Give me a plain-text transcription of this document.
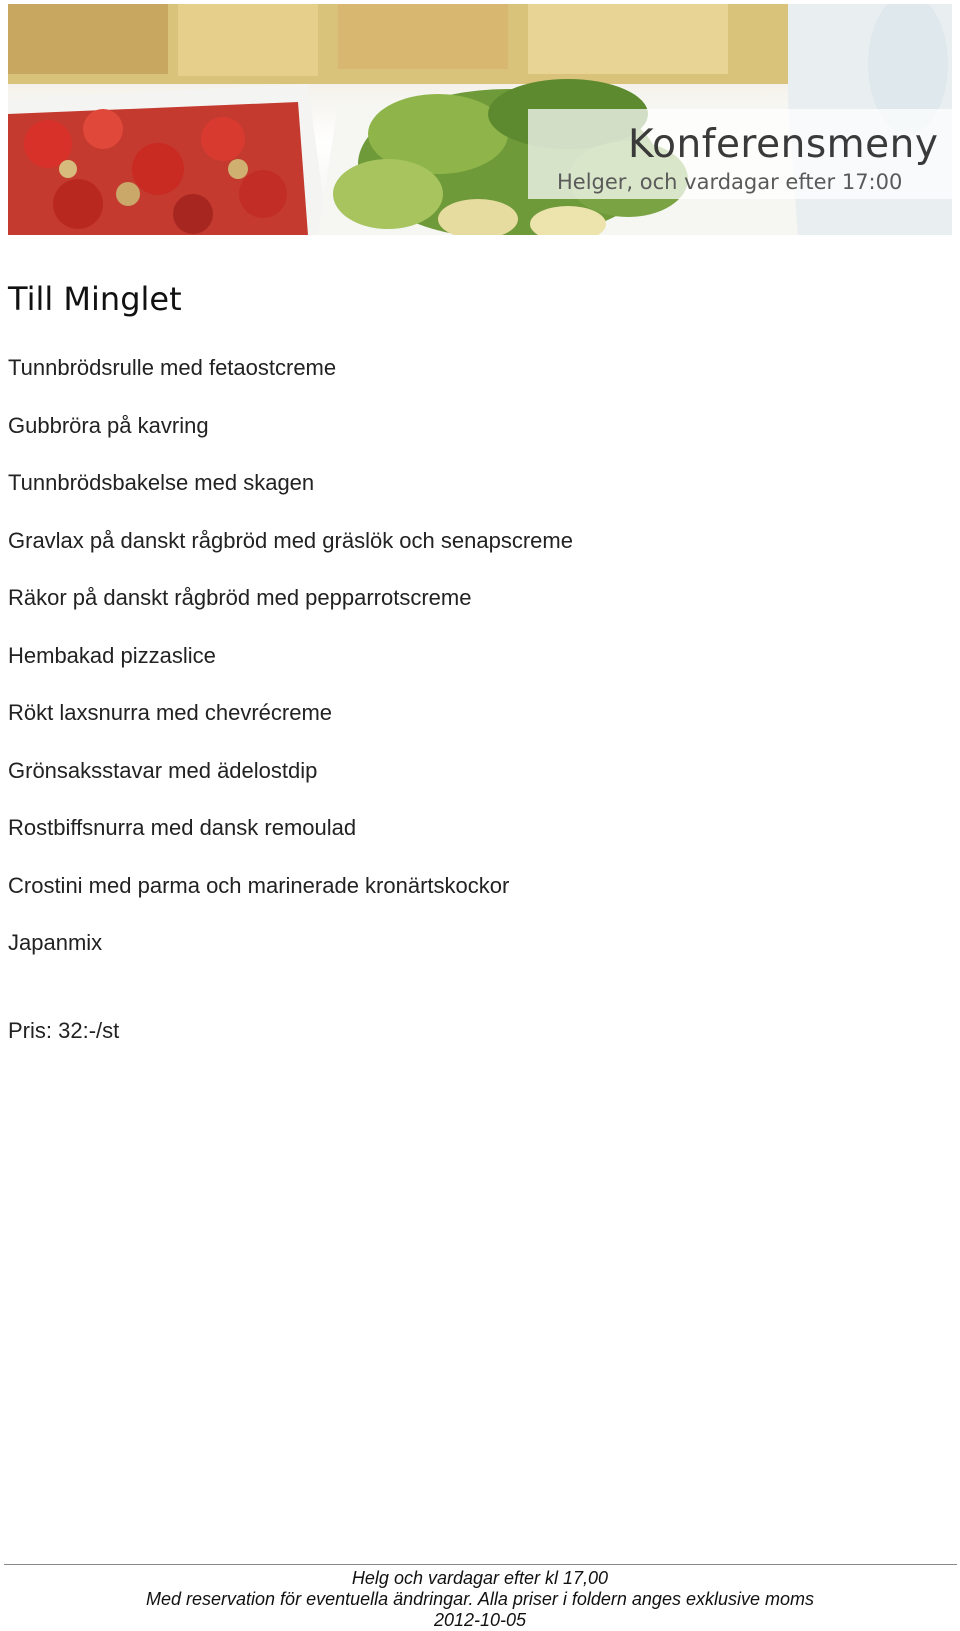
Konferensmeny
Helger, och vardagar efter 17:00
Till Minglet
Tunnbrödsrulle med fetaostcreme
Gubbröra på kavring
Tunnbrödsbakelse med skagen
Gravlax på danskt rågbröd med gräslök och senapscreme
Räkor på danskt rågbröd med pepparrotscreme
Hembakad pizzaslice
Rökt laxsnurra med chevrécreme
Grönsaksstavar med ädelostdip
Rostbiffsnurra med dansk remoulad
Crostini med parma och marinerade kronärtskockor
Japanmix
Pris: 32:-/st
Helg och vardagar efter kl 17,00
Med reservation för eventuella ändringar. Alla priser i foldern anges exklusive moms
2012-10-05
